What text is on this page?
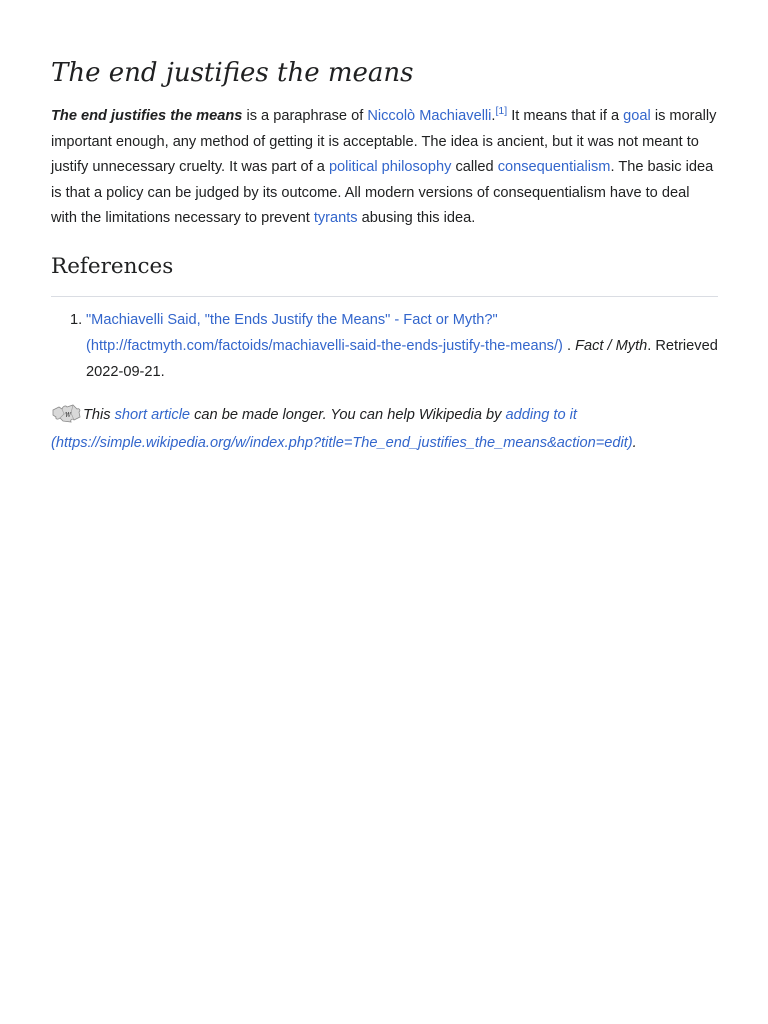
The end justifies the means

The end justifies the means is a paraphrase of Niccolò Machiavelli.[1] It means that if a goal is morally important enough, any method of getting it is acceptable. The idea is ancient, but it was not meant to justify unnecessary cruelty. It was part of a political philosophy called consequentialism. The basic idea is that a policy can be judged by its outcome. All modern versions of consequentialism have to deal with the limitations necessary to prevent tyrants abusing this idea.

References
1. "Machiavelli Said, "the Ends Justify the Means" - Fact or Myth?" (http://factmyth.com/factoids/machiavelli-said-the-ends-justify-the-means/) . Fact / Myth. Retrieved 2022-09-21.
W This short article can be made longer. You can help Wikipedia by adding to it (https://simple.wikipedia.org/w/index.php?title=The_end_justifies_the_means&action=edit).
